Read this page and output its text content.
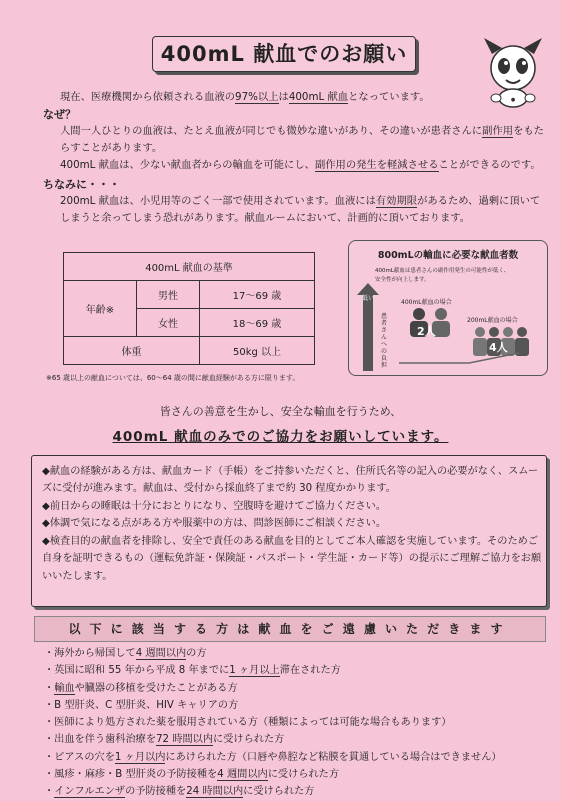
400mL 献血でのお願い
●
現在、医療機関から依頼される血液の97%以上は400mL 献血となっています。
なぜ？
人間一人ひとりの血液は、たとえ血液が同じでも微妙な違いがあり、その違いが患者さんに副作用をもたらすことがあります。
400mL 献血は、少ない献血者からの輸血を可能にし、副作用の発生を軽減させることができるのです。
ちなみに・・・
200mL 献血は、小児用等のごく一部で使用されています。血液には有効期限があるため、過剰に頂いてしまうと余ってしまう恐れがあります。献血ルームにおいて、計画的に頂いております。
400mL 献血の基準		
年齢※	男性	17～69 歳
	女性	18～69 歳
体重		50kg 以上
※65 歳以上の献血については、60～64 歳の間に献血経験がある方に限ります。
800mLの輸血に必要な献血者数
400mL献血は患者さんの副作用発生の可能性が低く、
安全性が向上します。
低い
患者さんへの負担
400mL献血の場合
2人
200mL献血の場合
4人
皆さんの善意を生かし、安全な輸血を行うため、
400mL 献血のみでのご協力をお願いしています。
◆献血の経験がある方は、献血カード（手帳）をご持参いただくと、住所氏名等の記入の必要がなく、スムーズに受付が進みます。献血は、受付から採血終了まで約 30 程度かかります。
◆前日からの睡眠は十分におとりになり、空腹時を避けてご協力ください。
◆体調で気になる点がある方や服薬中の方は、問診医師にご相談ください。
◆検査目的の献血者を排除し、安全で責任のある献血を目的としてご本人確認を実施しています。そのためご自身を証明できるもの（運転免許証・保険証・パスポート・学生証・カード等）の提示にご理解ご協力をお願いいたします。
以下に該当する方は献血をご遠慮いただきます
・海外から帰国して4 週間以内の方
・英国に昭和 55 年から平成 8 年までに1 ヶ月以上滞在された方
・輸血や臓器の移植を受けたことがある方
・B 型肝炎、C 型肝炎、HIV キャリアの方
・医師により処方された薬を服用されている方（種類によっては可能な場合もあります）
・出血を伴う歯科治療を72 時間以内に受けられた方
・ピアスの穴を1 ヶ月以内にあけられた方（口唇や鼻腔など粘膜を貫通している場合はできません）
・風疹・麻疹・B 型肝炎の予防接種を4 週間以内に受けられた方
・インフルエンザの予防接種を24 時間以内に受けられた方
